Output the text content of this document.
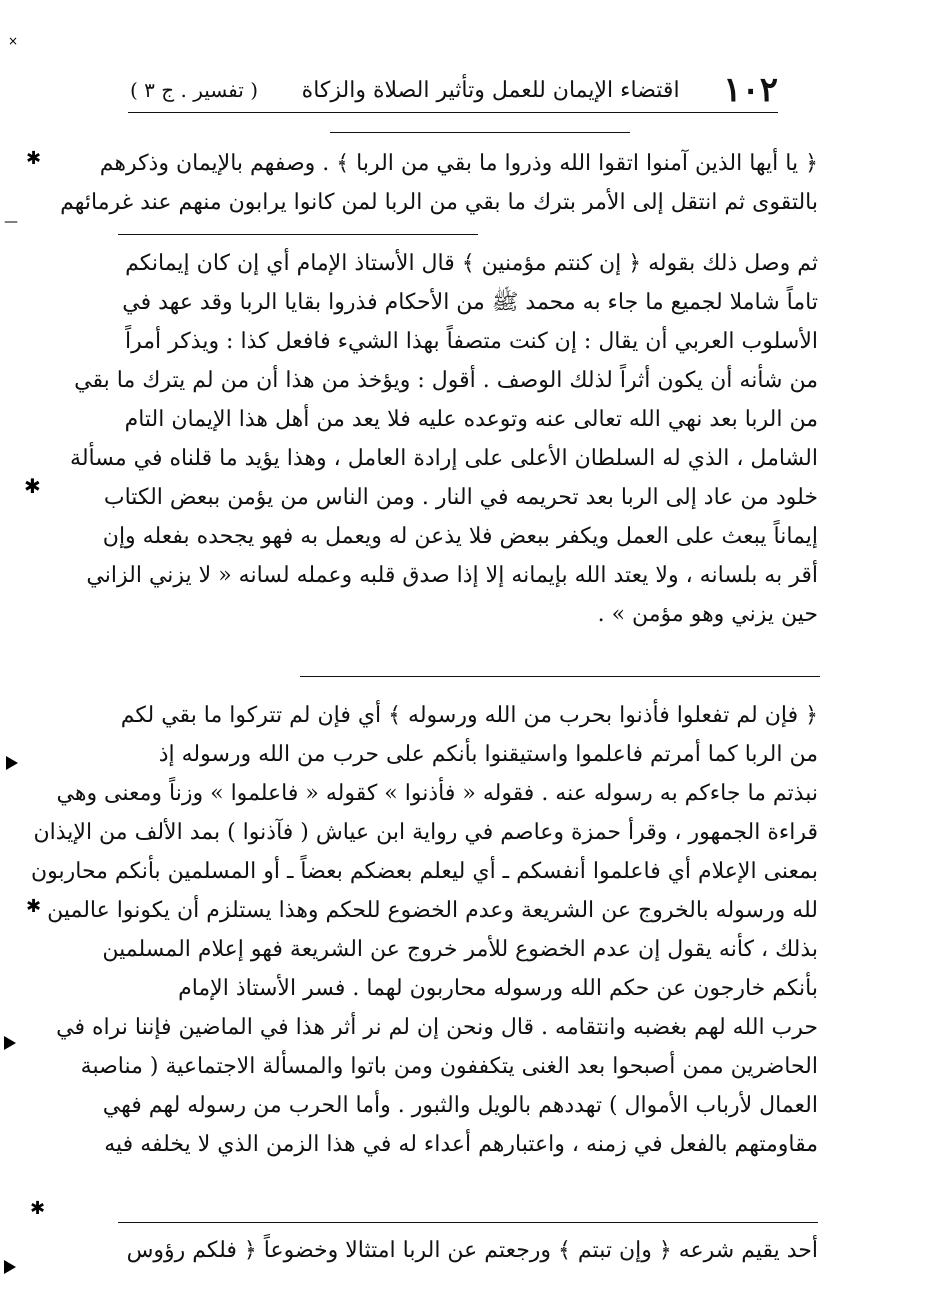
×
✱
—
✱
✱
✱
١٠٢
اقتضاء الإيمان للعمل وتأثير الصلاة والزكاة
( تفسير . ج ٣ )

﴿ يا أيها الذين آمنوا اتقوا الله وذروا ما بقي من الربا ﴾ . وصفهم بالإيمان وذكرهم

بالتقوى ثم انتقل إلى الأمر بترك ما بقي من الربا لمن كانوا يرابون منهم عند غرمائهم

ثم وصل ذلك بقوله ﴿ إن كنتم مؤمنين ﴾ قال الأستاذ الإمام أي إن كان إيمانكم

تاماً شاملا لجميع ما جاء به محمد ﷺ من الأحكام فذروا بقايا الربا وقد عهد في

الأسلوب العربي أن يقال : إن كنت متصفاً بهذا الشيء فافعل كذا : ويذكر أمراً

من شأنه أن يكون أثراً لذلك الوصف . أقول : ويؤخذ من هذا أن من لم يترك ما بقي

من الربا بعد نهي الله تعالى عنه وتوعده عليه فلا يعد من أهل هذا الإيمان التام

الشامل ، الذي له السلطان الأعلى على إرادة العامل ، وهذا يؤيد ما قلناه في مسألة

خلود من عاد إلى الربا بعد تحريمه في النار . ومن الناس من يؤمن ببعض الكتاب

إيماناً يبعث على العمل ويكفر ببعض فلا يذعن له ويعمل به فهو يجحده بفعله وإن

أقر به بلسانه ، ولا يعتد الله بإيمانه إلا إذا صدق قلبه وعمله لسانه « لا يزني الزاني

حين يزني وهو مؤمن » .

﴿ فإن لم تفعلوا فأذنوا بحرب من الله ورسوله ﴾ أي فإن لم تتركوا ما بقي لكم

من الربا كما أمرتم فاعلموا واستيقنوا بأنكم على حرب من الله ورسوله إذ

نبذتم ما جاءكم به رسوله عنه . فقوله « فأذنوا » كقوله « فاعلموا » وزناً ومعنى وهي

قراءة الجمهور ، وقرأ حمزة وعاصم في رواية ابن عياش ( فآذنوا ) بمد الألف من الإيذان

بمعنى الإعلام أي فاعلموا أنفسكم ـ أي ليعلم بعضكم بعضاً ـ أو المسلمين بأنكم محاربون

لله ورسوله بالخروج عن الشريعة وعدم الخضوع للحكم وهذا يستلزم أن يكونوا عالمين

بذلك ، كأنه يقول إن عدم الخضوع للأمر خروج عن الشريعة فهو إعلام المسلمين

بأنكم خارجون عن حكم الله ورسوله محاربون لهما . فسر الأستاذ الإمام

حرب الله لهم بغضبه وانتقامه . قال ونحن إن لم نر أثر هذا في الماضين فإننا نراه في

الحاضرين ممن أصبحوا بعد الغنى يتكففون ومن باتوا والمسألة الاجتماعية ( مناصبة

العمال لأرباب الأموال ) تهددهم بالويل والثبور . وأما الحرب من رسوله لهم فهي

مقاومتهم بالفعل في زمنه ، واعتبارهم أعداء له في هذا الزمن الذي لا يخلفه فيه

أحد يقيم شرعه ﴿ وإن تبتم ﴾ ورجعتم عن الربا امتثالا وخضوعاً ﴿ فلكم رؤوس
